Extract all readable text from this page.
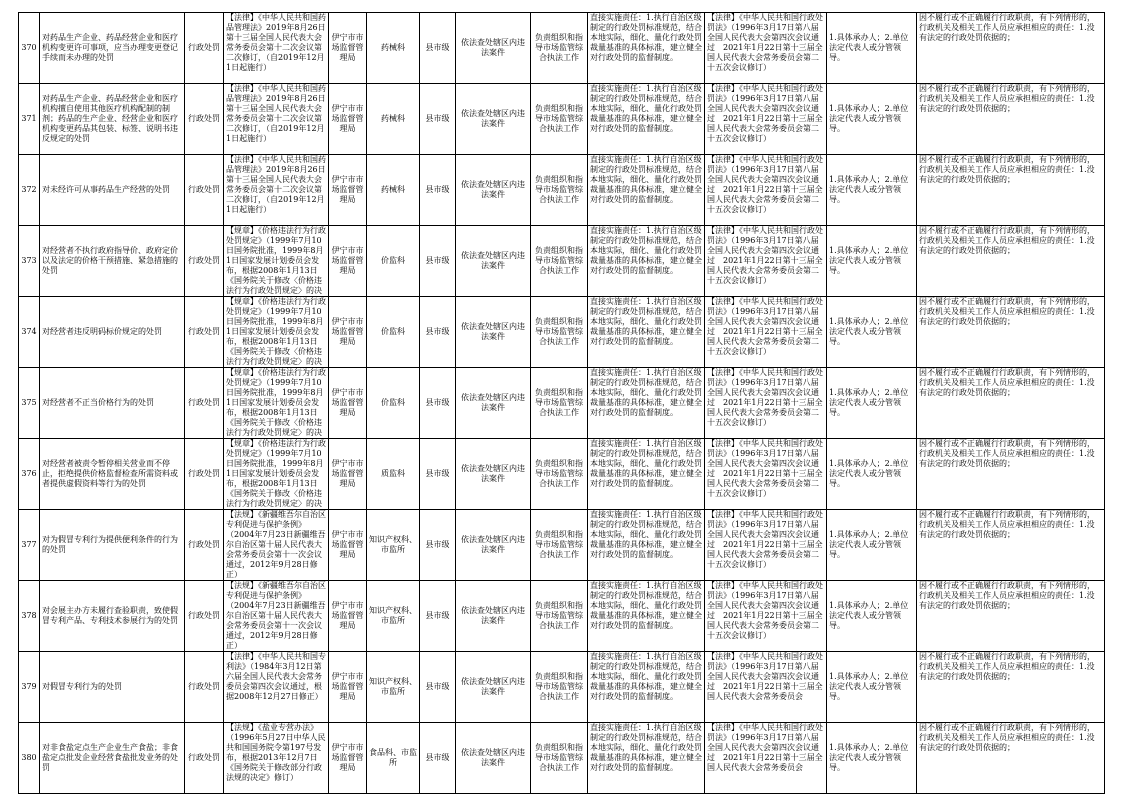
370	对药品生产企业、药品经营企业和医疗机构变更许可事项，应当办理变更登记手续而未办理的处罚	行政处罚	【法律】《中华人民共和国药品管理法》2019年8月26日第十三届全国人民代表大会常务委员会第十二次会议第二次修订，（自2019年12月1日起施行）	伊宁市市场监督管理局	药械科	县市级	依法查处辖区内违法案件	负责组织和指导市场监管综合执法工作	直接实施责任：1.执行自治区级制定的行政处罚标准规范，结合本地实际，细化、量化行政处罚裁量基准的具体标准，建立健全对行政处罚的监督制度。	【法律】《中华人民共和国行政处罚法》（1996年3月17日第八届全国人民代表大会第四次会议通过　2021年1月22日第十三届全国人民代表大会常务委员会第二十五次会议修订）	1.具体承办人；2.单位法定代表人或分管领导。	因不履行或不正确履行行政职责，有下列情形的，行政机关及相关工作人员应承担相应的责任：1.没有法定的行政处罚依据的；

371	对药品生产企业、药品经营企业和医疗机构擅自使用其他医疗机构配制的制剂；药品的生产企业、经营企业和医疗机构变更药品其包装、标签、说明书违反规定的处罚	行政处罚	【法律】《中华人民共和国药品管理法》2019年8月26日第十三届全国人民代表大会常务委员会第十二次会议第二次修订，（自2019年12月1日起施行）	伊宁市市场监督管理局	药械科	县市级	依法查处辖区内违法案件	负责组织和指导市场监管综合执法工作	直接实施责任：1.执行自治区级制定的行政处罚标准规范，结合本地实际，细化、量化行政处罚裁量基准的具体标准，建立健全对行政处罚的监督制度。	【法律】《中华人民共和国行政处罚法》（1996年3月17日第八届全国人民代表大会第四次会议通过　2021年1月22日第十三届全国人民代表大会常务委员会第二十五次会议修订）	1.具体承办人；2.单位法定代表人或分管领导。	因不履行或不正确履行行政职责，有下列情形的，行政机关及相关工作人员应承担相应的责任：1.没有法定的行政处罚依据的；

372	对未经许可从事药品生产经营的处罚	行政处罚	【法律】《中华人民共和国药品管理法》2019年8月26日第十三届全国人民代表大会常务委员会第十二次会议第二次修订，（自2019年12月1日起施行）	伊宁市市场监督管理局	药械科	县市级	依法查处辖区内违法案件	负责组织和指导市场监管综合执法工作	直接实施责任：1.执行自治区级制定的行政处罚标准规范，结合本地实际，细化、量化行政处罚裁量基准的具体标准，建立健全对行政处罚的监督制度。	【法律】《中华人民共和国行政处罚法》（1996年3月17日第八届全国人民代表大会第四次会议通过　2021年1月22日第十三届全国人民代表大会常务委员会第二十五次会议修订）	1.具体承办人；2.单位法定代表人或分管领导。	因不履行或不正确履行行政职责，有下列情形的，行政机关及相关工作人员应承担相应的责任：1.没有法定的行政处罚依据的；

373	对经营者不执行政府指导价、政府定价以及法定的价格干预措施、紧急措施的处罚	行政处罚	【规章】《价格违法行为行政处罚规定》（1999年7月10日国务院批准，1999年8月1日国家发展计划委员会发布，根据2008年1月13日《国务院关于修改〈价格违法行为行政处罚规定〉的决	伊宁市市场监督管理局	价监科	县市级	依法查处辖区内违法案件	负责组织和指导市场监管综合执法工作	直接实施责任：1.执行自治区级制定的行政处罚标准规范，结合本地实际，细化、量化行政处罚裁量基准的具体标准，建立健全对行政处罚的监督制度。	【法律】《中华人民共和国行政处罚法》（1996年3月17日第八届全国人民代表大会第四次会议通过　2021年1月22日第十三届全国人民代表大会常务委员会第二十五次会议修订）	1.具体承办人；2.单位法定代表人或分管领导。	因不履行或不正确履行行政职责，有下列情形的，行政机关及相关工作人员应承担相应的责任：1.没有法定的行政处罚依据的；

374	对经营者违反明码标价规定的处罚	行政处罚	【规章】《价格违法行为行政处罚规定》（1999年7月10日国务院批准，1999年8月1日国家发展计划委员会发布，根据2008年1月13日《国务院关于修改〈价格违法行为行政处罚规定〉的决	伊宁市市场监督管理局	价监科	县市级	依法查处辖区内违法案件	负责组织和指导市场监管综合执法工作	直接实施责任：1.执行自治区级制定的行政处罚标准规范，结合本地实际，细化、量化行政处罚裁量基准的具体标准，建立健全对行政处罚的监督制度。	【法律】《中华人民共和国行政处罚法》（1996年3月17日第八届全国人民代表大会第四次会议通过　2021年1月22日第十三届全国人民代表大会常务委员会第二十五次会议修订）	1.具体承办人；2.单位法定代表人或分管领导。	因不履行或不正确履行行政职责，有下列情形的，行政机关及相关工作人员应承担相应的责任：1.没有法定的行政处罚依据的；

375	对经营者不正当价格行为的处罚	行政处罚	【规章】《价格违法行为行政处罚规定》（1999年7月10日国务院批准，1999年8月1日国家发展计划委员会发布，根据2008年1月13日《国务院关于修改〈价格违法行为行政处罚规定〉的决	伊宁市市场监督管理局	价监科	县市级	依法查处辖区内违法案件	负责组织和指导市场监管综合执法工作	直接实施责任：1.执行自治区级制定的行政处罚标准规范，结合本地实际，细化、量化行政处罚裁量基准的具体标准，建立健全对行政处罚的监督制度。	【法律】《中华人民共和国行政处罚法》（1996年3月17日第八届全国人民代表大会第四次会议通过　2021年1月22日第十三届全国人民代表大会常务委员会第二十五次会议修订）	1.具体承办人；2.单位法定代表人或分管领导。	因不履行或不正确履行行政职责，有下列情形的，行政机关及相关工作人员应承担相应的责任：1.没有法定的行政处罚依据的；

376	对经营者被责令暂停相关营业而不停止，拒绝提供价格监督检查所需资料或者提供虚假资料等行为的处罚	行政处罚	【规章】《价格违法行为行政处罚规定》（1999年7月10日国务院批准，1999年8月1日国家发展计划委员会发布，根据2008年1月13日《国务院关于修改〈价格违法行为行政处罚规定〉的决	伊宁市市场监督管理局	质监科	县市级	依法查处辖区内违法案件	负责组织和指导市场监管综合执法工作	直接实施责任：1.执行自治区级制定的行政处罚标准规范，结合本地实际，细化、量化行政处罚裁量基准的具体标准，建立健全对行政处罚的监督制度。	【法律】《中华人民共和国行政处罚法》（1996年3月17日第八届全国人民代表大会第四次会议通过　2021年1月22日第十三届全国人民代表大会常务委员会第二十五次会议修订）	1.具体承办人；2.单位法定代表人或分管领导。	因不履行或不正确履行行政职责，有下列情形的，行政机关及相关工作人员应承担相应的责任：1.没有法定的行政处罚依据的；

377	对为假冒专利行为提供便利条件的行为的处罚	行政处罚	【法规】《新疆维吾尔自治区专利促进与保护条例》（2004年7月23日新疆维吾尔自治区第十届人民代表大会常务委员会第十一次会议通过，2012年9月28日修正）	伊宁市市场监督管理局	知识产权科、市监所	县市级	依法查处辖区内违法案件	负责组织和指导市场监管综合执法工作	直接实施责任：1.执行自治区级制定的行政处罚标准规范，结合本地实际，细化、量化行政处罚裁量基准的具体标准，建立健全对行政处罚的监督制度。	【法律】《中华人民共和国行政处罚法》（1996年3月17日第八届全国人民代表大会第四次会议通过　2021年1月22日第十三届全国人民代表大会常务委员会第二十五次会议修订）	1.具体承办人；2.单位法定代表人或分管领导。	因不履行或不正确履行行政职责，有下列情形的，行政机关及相关工作人员应承担相应的责任：1.没有法定的行政处罚依据的；

378	对会展主办方未履行查验职责，致使假冒专利产品、专利技术参展行为的处罚	行政处罚	【法规】《新疆维吾尔自治区专利促进与保护条例》（2004年7月23日新疆维吾尔自治区第十届人民代表大会常务委员会第十一次会议通过，2012年9月28日修正）	伊宁市市场监督管理局	知识产权科、市监所	县市级	依法查处辖区内违法案件	负责组织和指导市场监管综合执法工作	直接实施责任：1.执行自治区级制定的行政处罚标准规范，结合本地实际，细化、量化行政处罚裁量基准的具体标准，建立健全对行政处罚的监督制度。	【法律】《中华人民共和国行政处罚法》（1996年3月17日第八届全国人民代表大会第四次会议通过　2021年1月22日第十三届全国人民代表大会常务委员会第二十五次会议修订）	1.具体承办人；2.单位法定代表人或分管领导。	因不履行或不正确履行行政职责，有下列情形的，行政机关及相关工作人员应承担相应的责任：1.没有法定的行政处罚依据的；

379	对假冒专利行为的处罚	行政处罚	【法律】《中华人民共和国专利法》（1984年3月12日第六届全国人民代表大会常务委员会第四次会议通过，根据2008年12月27日修正）	伊宁市市场监督管理局	知识产权科、市监所	县市级	依法查处辖区内违法案件	负责组织和指导市场监管综合执法工作	直接实施责任：1.执行自治区级制定的行政处罚标准规范，结合本地实际，细化、量化行政处罚裁量基准的具体标准，建立健全对行政处罚的监督制度。	【法律】《中华人民共和国行政处罚法》（1996年3月17日第八届全国人民代表大会第四次会议通过　2021年1月22日第十三届全国人民代表大会常务委员会	1.具体承办人；2.单位法定代表人或分管领导。	因不履行或不正确履行行政职责，有下列情形的，行政机关及相关工作人员应承担相应的责任：1.没有法定的行政处罚依据的；

380	对非食盐定点生产企业生产食盐；非食盐定点批发企业经营食盐批发业务的处罚	行政处罚	【法规】《盐业专营办法》（1996年5月27日中华人民共和国国务院令第197号发布，根据2013年12月7日《国务院关于修改部分行政法规的决定》修订）	伊宁市市场监督管理局	食品科、市监所	县市级	依法查处辖区内违法案件	负责组织和指导市场监管综合执法工作	直接实施责任：1.执行自治区级制定的行政处罚标准规范，结合本地实际，细化、量化行政处罚裁量基准的具体标准，建立健全对行政处罚的监督制度。	【法律】《中华人民共和国行政处罚法》（1996年3月17日第八届全国人民代表大会第四次会议通过　2021年1月22日第十三届全国人民代表大会常务委员会	1.具体承办人；2.单位法定代表人或分管领导。	因不履行或不正确履行行政职责，有下列情形的，行政机关及相关工作人员应承担相应的责任：1.没有法定的行政处罚依据的；
